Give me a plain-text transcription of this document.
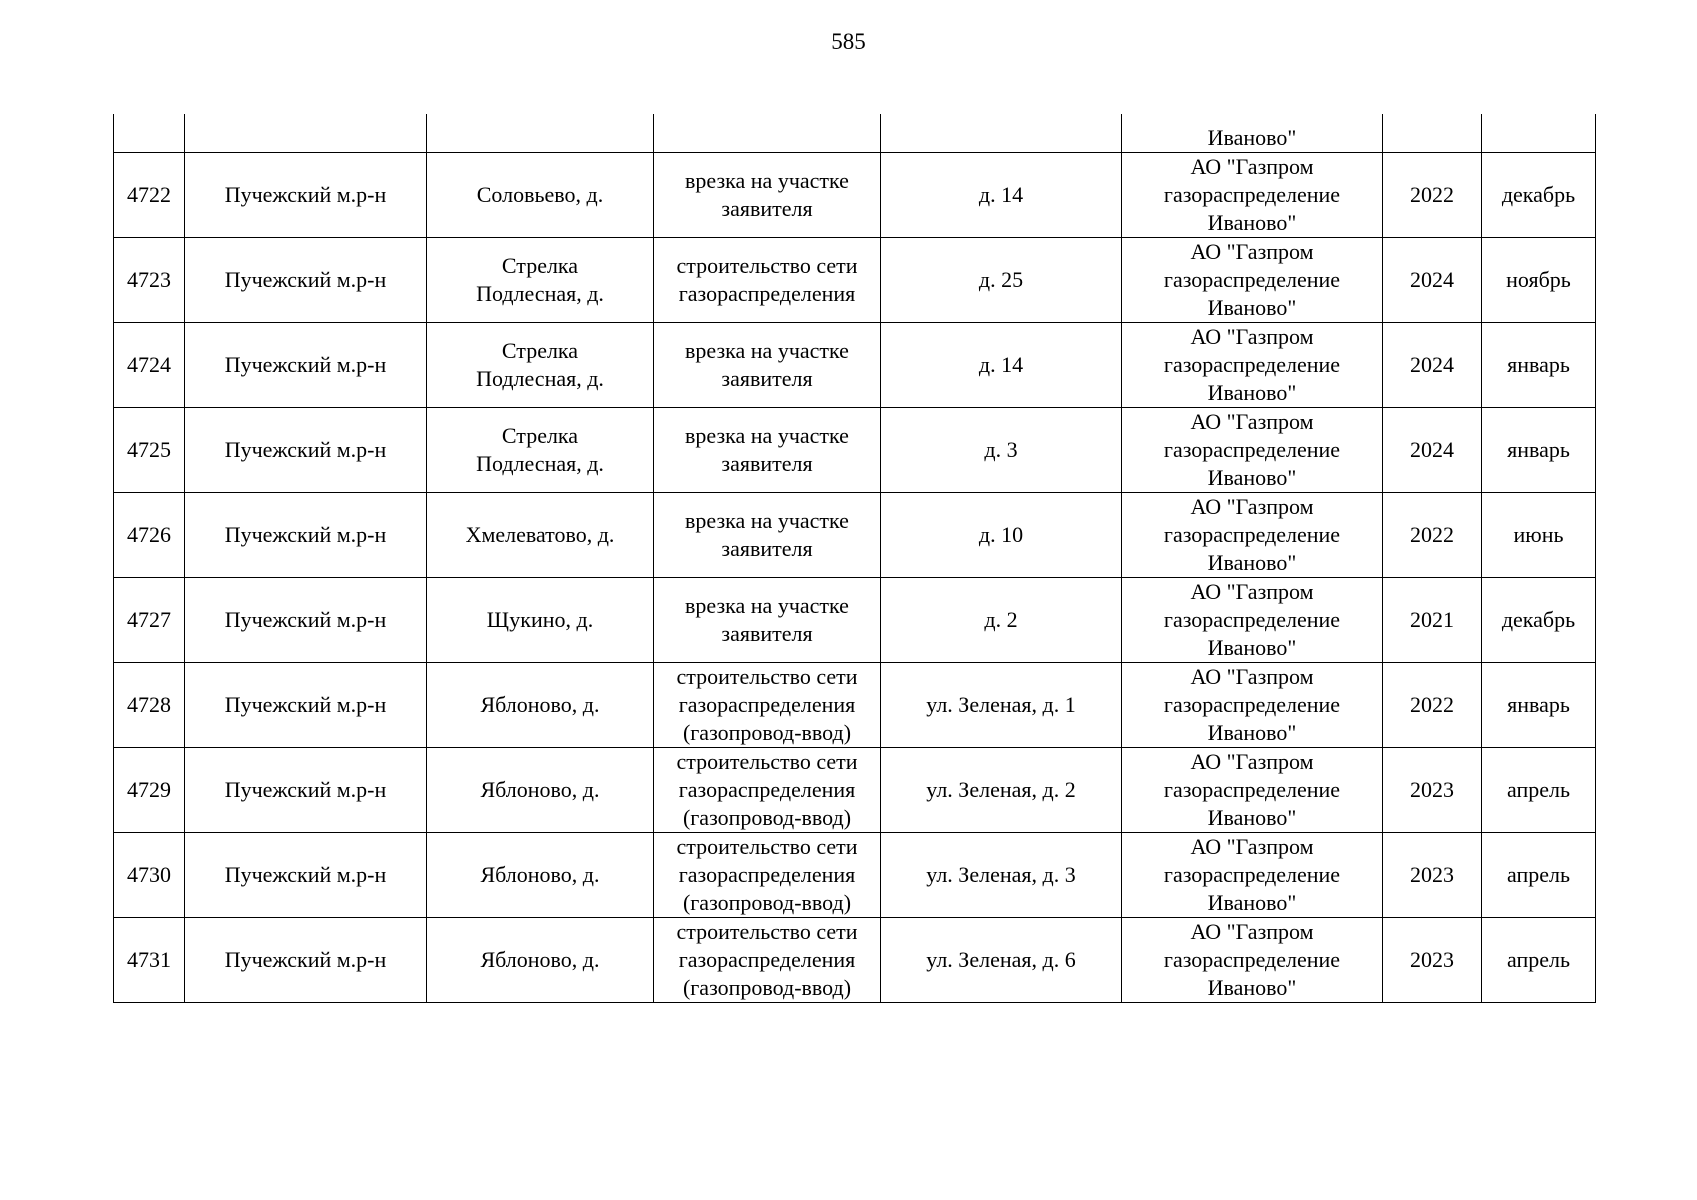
585
					Иваново"		
4722	Пучежский м.р-н	Соловьево, д.	врезка на участке
заявителя	д. 14	АО "Газпром
газораспределение
Иваново"	2022	декабрь
4723	Пучежский м.р-н	Стрелка
Подлесная, д.	строительство сети
газораспределения	д. 25	АО "Газпром
газораспределение
Иваново"	2024	ноябрь
4724	Пучежский м.р-н	Стрелка
Подлесная, д.	врезка на участке
заявителя	д. 14	АО "Газпром
газораспределение
Иваново"	2024	январь
4725	Пучежский м.р-н	Стрелка
Подлесная, д.	врезка на участке
заявителя	д. 3	АО "Газпром
газораспределение
Иваново"	2024	январь
4726	Пучежский м.р-н	Хмелеватово, д.	врезка на участке
заявителя	д. 10	АО "Газпром
газораспределение
Иваново"	2022	июнь
4727	Пучежский м.р-н	Щукино, д.	врезка на участке
заявителя	д. 2	АО "Газпром
газораспределение
Иваново"	2021	декабрь
4728	Пучежский м.р-н	Яблоново, д.	строительство сети
газораспределения
(газопровод-ввод)	ул. Зеленая, д. 1	АО "Газпром
газораспределение
Иваново"	2022	январь
4729	Пучежский м.р-н	Яблоново, д.	строительство сети
газораспределения
(газопровод-ввод)	ул. Зеленая, д. 2	АО "Газпром
газораспределение
Иваново"	2023	апрель
4730	Пучежский м.р-н	Яблоново, д.	строительство сети
газораспределения
(газопровод-ввод)	ул. Зеленая, д. 3	АО "Газпром
газораспределение
Иваново"	2023	апрель
4731	Пучежский м.р-н	Яблоново, д.	строительство сети
газораспределения
(газопровод-ввод)	ул. Зеленая, д. 6	АО "Газпром
газораспределение
Иваново"	2023	апрель
